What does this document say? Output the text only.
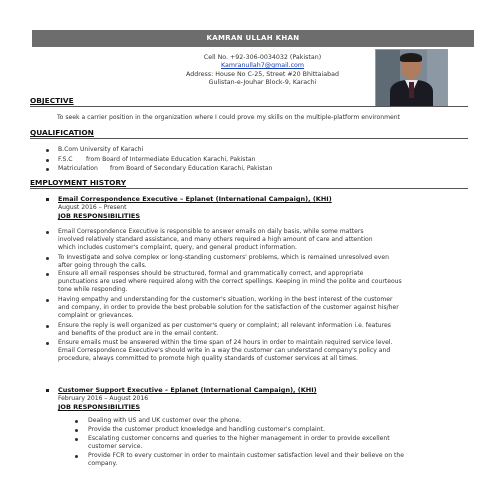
KAMRAN ULLAH KHAN
Cell No. +92-306-0034032 (Pakistan)
Kamranullah7@gmail.com
Address: House No C-25, Street #20 Bhittaiabad
Gulistan-e-Jouhar Block-9, Karachi
OBJECTIVE
To seek a carrier position in the organization where I could prove my skills on the multiple-platform environment
QUALIFICATION
B.Com University of Karachi
F.S.C from Board of Intermediate Education Karachi, Pakistan
Matriculation from Board of Secondary Education Karachi, Pakistan
EMPLOYMENT HISTORY
Email Correspondence Executive – Eplanet (International Campaign), (KHI)
August 2016 – Present
JOB RESPONSIBILITIES
Email Correspondence Executive is responsible to answer emails on daily basis, while some matters
involved relatively standard assistance, and many others required a high amount of care and attention
which includes customer's complaint, query, and general product information.
To Investigate and solve complex or long-standing customers' problems, which is remained unresolved even
after going through the calls.
Ensure all email responses should be structured, formal and grammatically correct, and appropriate
punctuations are used where required along with the correct spellings. Keeping in mind the polite and courteous
tone while responding.
Having empathy and understanding for the customer's situation, working in the best interest of the customer
and company, in order to provide the best probable solution for the satisfaction of the customer against his/her
complaint or grievances.
Ensure the reply is well organized as per customer's query or complaint; all relevant information i.e. features
and benefits of the product are in the email content.
Ensure emails must be answered within the time span of 24 hours in order to maintain required service level.
Email Correspondence Executive's should write in a way the customer can understand company's policy and
procedure, always committed to promote high quality standards of customer services at all times.
Customer Support Executive – Eplanet (International Campaign), (KHI)
February 2016 – August 2016
JOB RESPONSIBILITIES
Dealing with US and UK customer over the phone.
Provide the customer product knowledge and handling customer's complaint.
Escalating customer concerns and queries to the higher management in order to provide excellent
customer service.
Provide FCR to every customer in order to maintain customer satisfaction level and their believe on the
company.
